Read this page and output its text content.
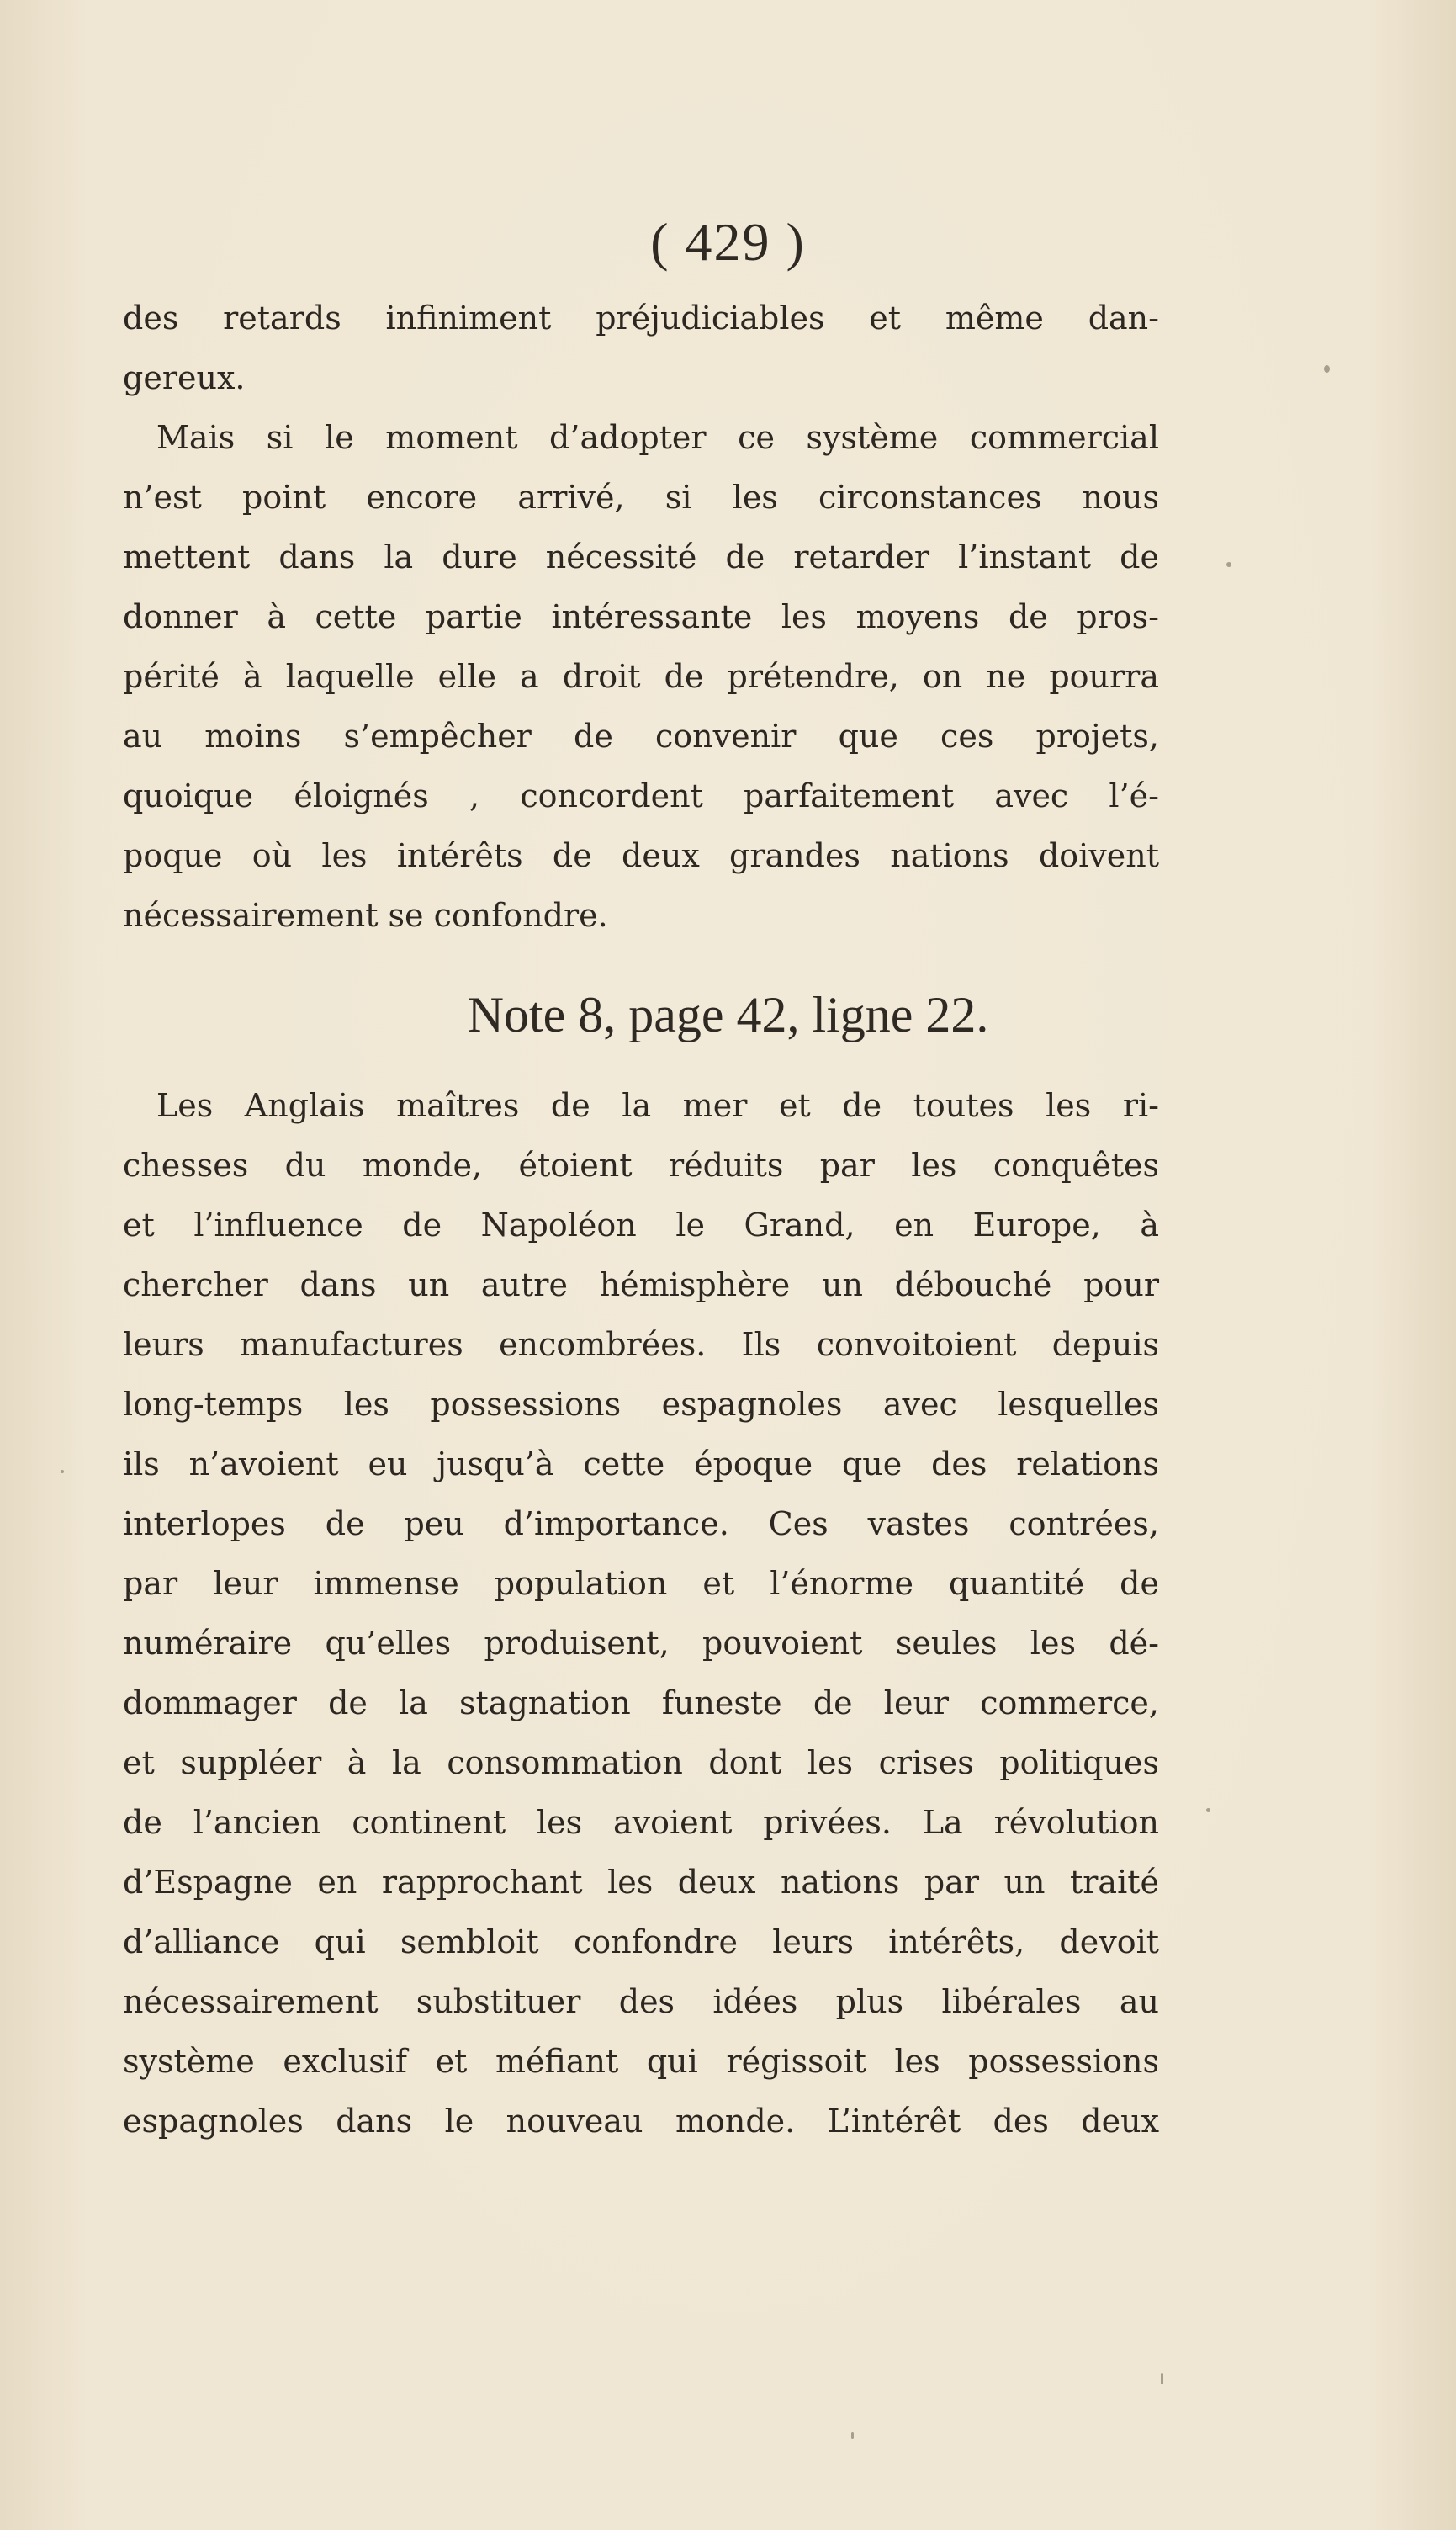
( 429 )
des retards infiniment préjudiciables et même dan-
gereux.
Mais si le moment d’adopter ce système commercial
n’est point encore arrivé, si les circonstances nous
mettent dans la dure nécessité de retarder l’instant de
donner à cette partie intéressante les moyens de pros-
périté à laquelle elle a droit de prétendre, on ne pourra
au moins s’empêcher de convenir que ces projets,
quoique éloignés , concordent parfaitement avec l’é-
poque où les intérêts de deux grandes nations doivent
nécessairement se confondre.
Note 8, page 42, ligne 22.
Les Anglais maîtres de la mer et de toutes les ri-
chesses du monde, étoient réduits par les conquêtes
et l’influence de Napoléon le Grand, en Europe, à
chercher dans un autre hémisphère un débouché pour
leurs manufactures encombrées. Ils convoitoient depuis
long-temps les possessions espagnoles avec lesquelles
ils n’avoient eu jusqu’à cette époque que des relations
interlopes de peu d’importance. Ces vastes contrées,
par leur immense population et l’énorme quantité de
numéraire qu’elles produisent, pouvoient seules les dé-
dommager de la stagnation funeste de leur commerce,
et suppléer à la consommation dont les crises politiques
de l’ancien continent les avoient privées. La révolution
d’Espagne en rapprochant les deux nations par un traité
d’alliance qui sembloit confondre leurs intérêts, devoit
nécessairement substituer des idées plus libérales au
système exclusif et méfiant qui régissoit les possessions
espagnoles dans le nouveau monde. L’intérêt des deux
